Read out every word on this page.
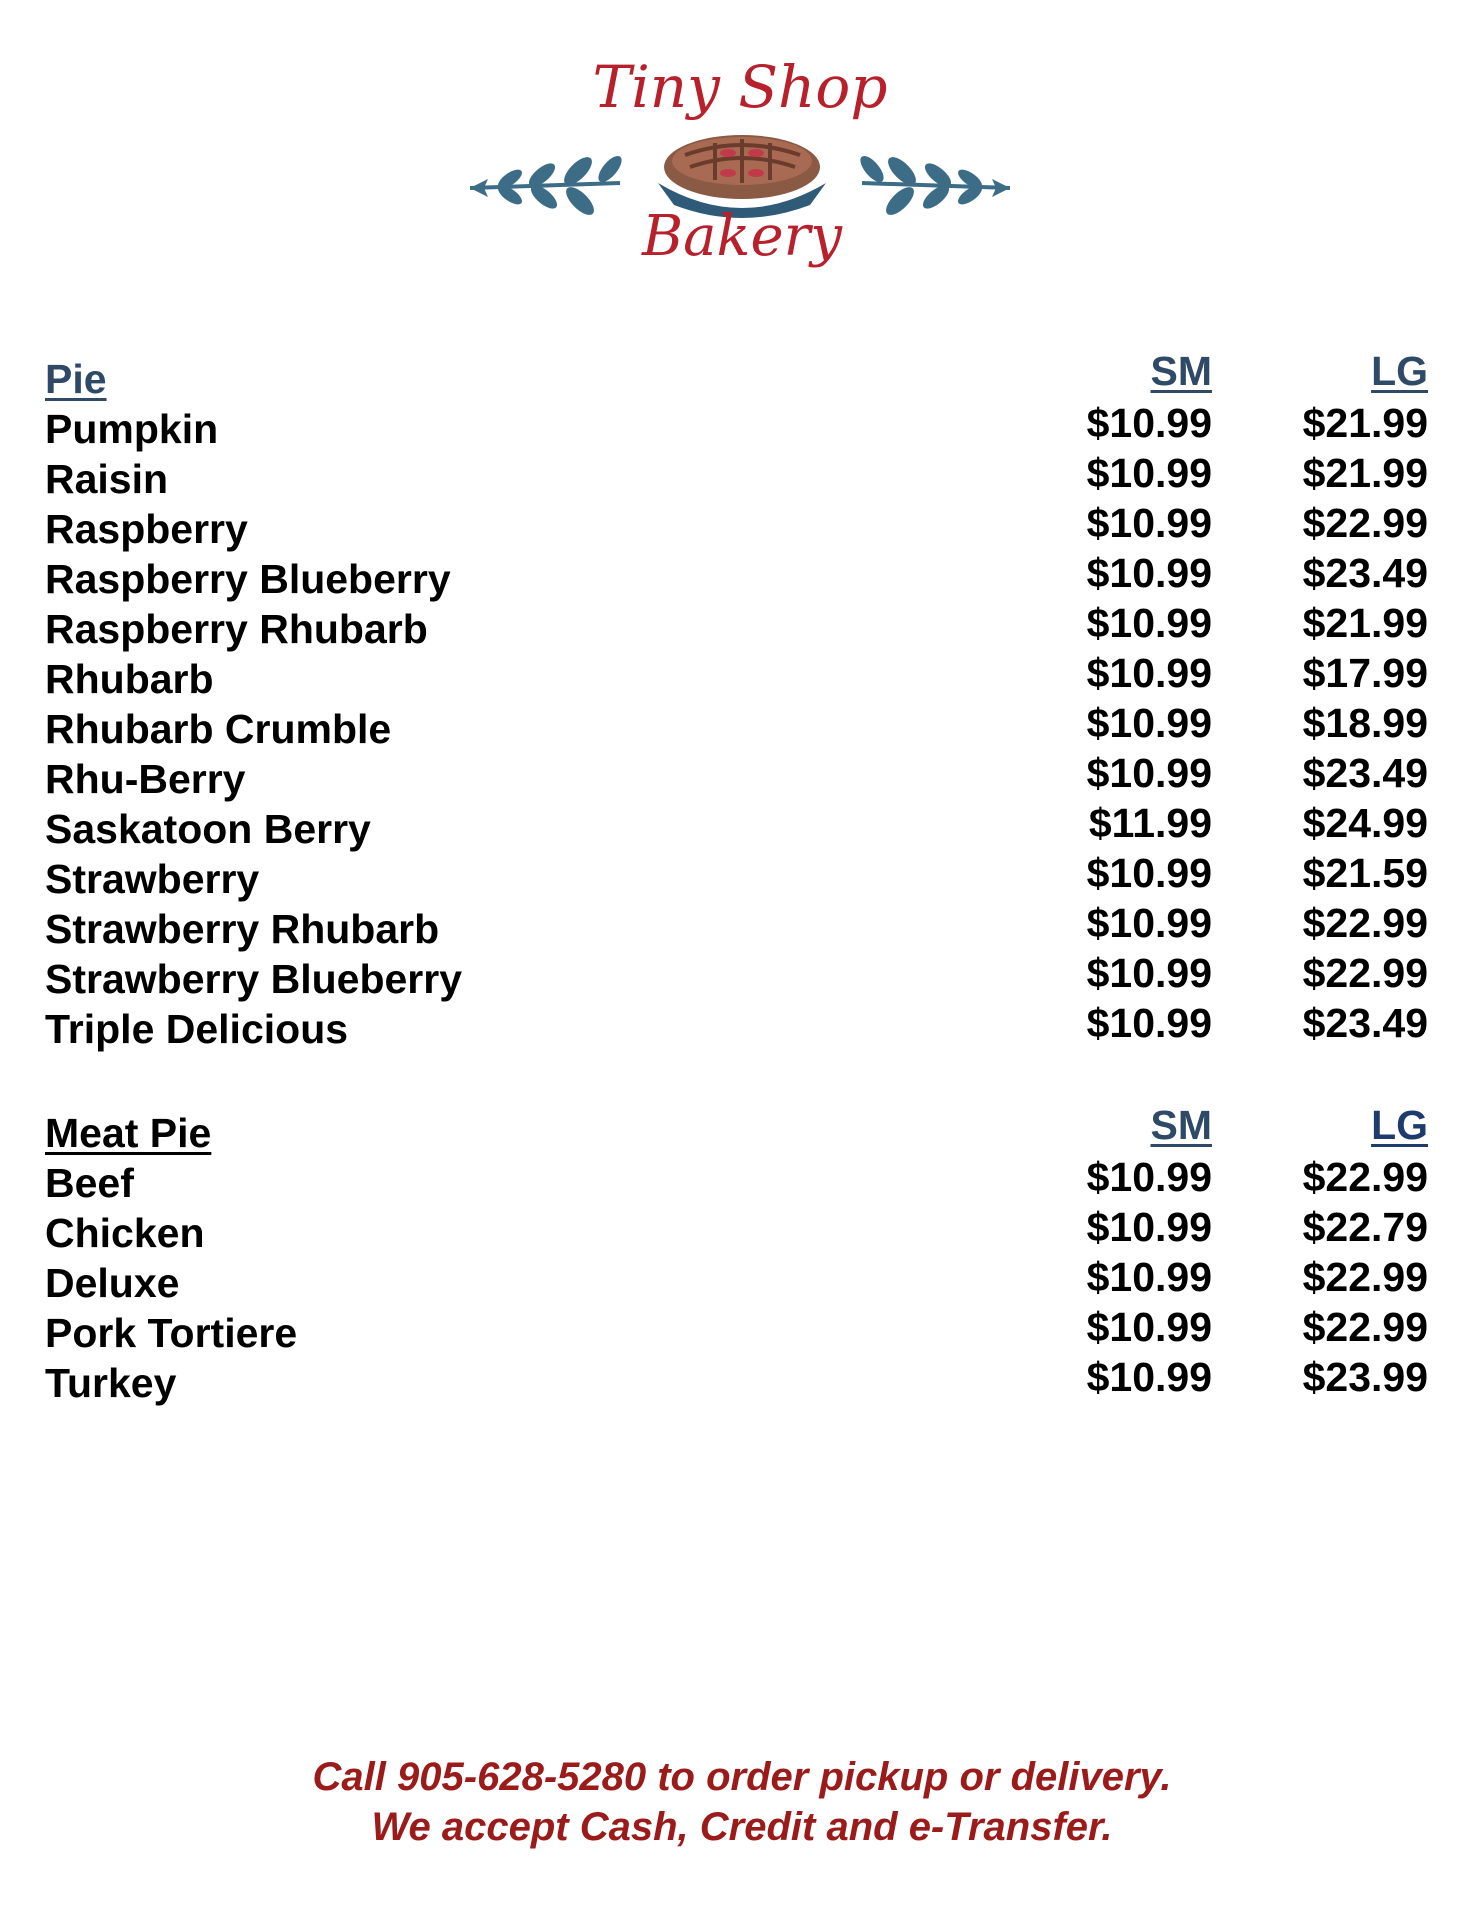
Tiny Shop
Bakery
Pie	SM	LG
Pumpkin	$10.99	$21.99
Raisin	$10.99	$21.99
Raspberry	$10.99	$22.99
Raspberry Blueberry	$10.99	$23.49
Raspberry Rhubarb	$10.99	$21.99
Rhubarb	$10.99	$17.99
Rhubarb Crumble	$10.99	$18.99
Rhu-Berry	$10.99	$23.49
Saskatoon Berry	$11.99	$24.99
Strawberry	$10.99	$21.59
Strawberry Rhubarb	$10.99	$22.99
Strawberry Blueberry	$10.99	$22.99
Triple Delicious	$10.99	$23.49
Meat Pie	SM	LG
Beef	$10.99	$22.99
Chicken	$10.99	$22.79
Deluxe	$10.99	$22.99
Pork Tortiere	$10.99	$22.99
Turkey	$10.99	$23.99
Call 905-628-5280 to order pickup or delivery.
We accept Cash, Credit and e-Transfer.
